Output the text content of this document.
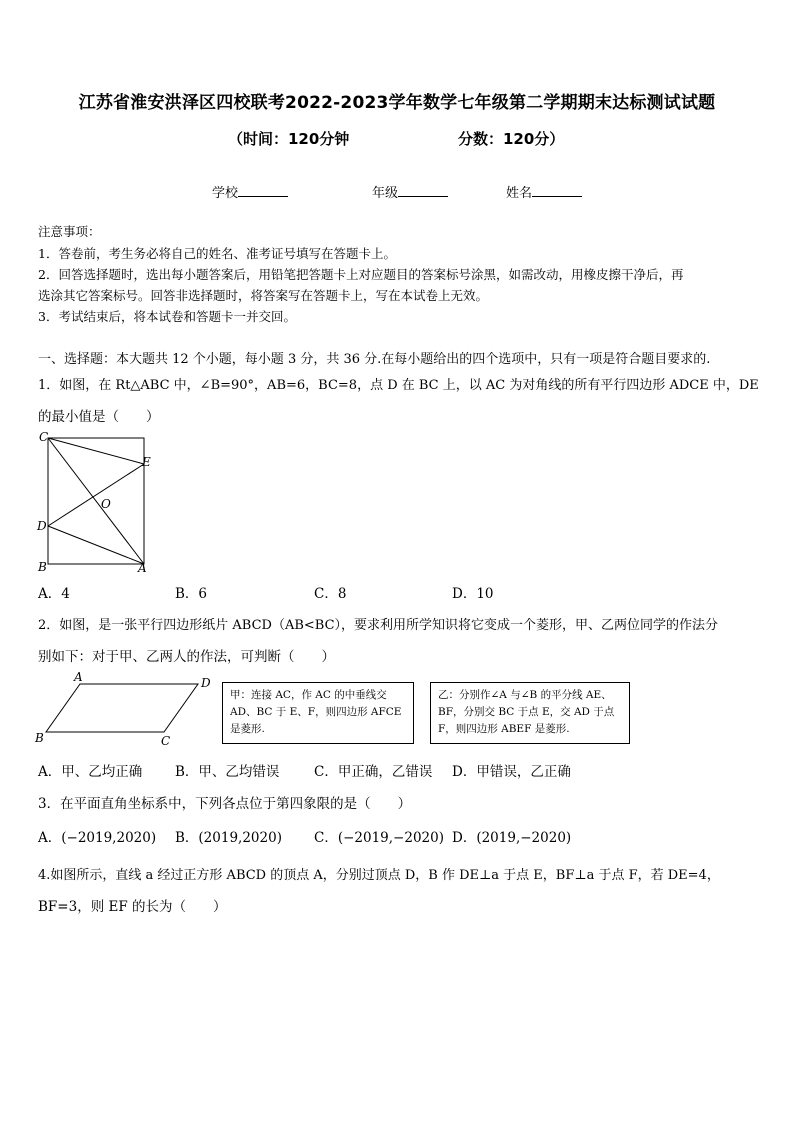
江苏省淮安洪泽区四校联考2022-2023学年数学七年级第二学期期末达标测试试题
（时间：120分钟	分数：120分）
学校	年级	姓名
注意事项：
1．答卷前，考生务必将自己的姓名、准考证号填写在答题卡上。
2．回答选择题时，选出每小题答案后，用铅笔把答题卡上对应题目的答案标号涂黑，如需改动，用橡皮擦干净后，再
选涂其它答案标号。回答非选择题时，将答案写在答题卡上，写在本试卷上无效。
3．考试结束后，将本试卷和答题卡一并交回。
一、选择题：本大题共 12 个小题，每小题 3 分，共 36 分.在每小题给出的四个选项中，只有一项是符合题目要求的.
1．如图，在 Rt△ABC 中，∠B=90°，AB=6，BC=8，点 D 在 BC 上，以 AC 为对角线的所有平行四边形 ADCE 中，DE
的最小值是（　　）
C
E
O
D
B	A
A．4	B．6	C．8	D．10
2．如图，是一张平行四边形纸片 ABCD（AB<BC），要求利用所学知识将它变成一个菱形，甲、乙两位同学的作法分
别如下：对于甲、乙两人的作法，可判断（　　）
A	D
B	C
甲：连接 AC，作 AC 的中垂线交 AD、BC 于 E、F，则四边形 AFCE 是菱形.
乙：分别作∠A 与∠B 的平分线 AE、BF，分别交 BC 于点 E，交 AD 于点 F，则四边形 ABEF 是菱形.
A．甲、乙均正确 B．甲、乙均错误	C．甲正确，乙错误 D．甲错误，乙正确
3．在平面直角坐标系中，下列各点位于第四象限的是（　　）
A．(−2019,2020) B．(2019,2020) C．(−2019,−2020) D．(2019,−2020)
4.如图所示，直线 a 经过正方形 ABCD 的顶点 A，分别过顶点 D，B 作 DE⊥a 于点 E，BF⊥a 于点 F，若 DE=4，
BF=3，则 EF 的长为（　　）
